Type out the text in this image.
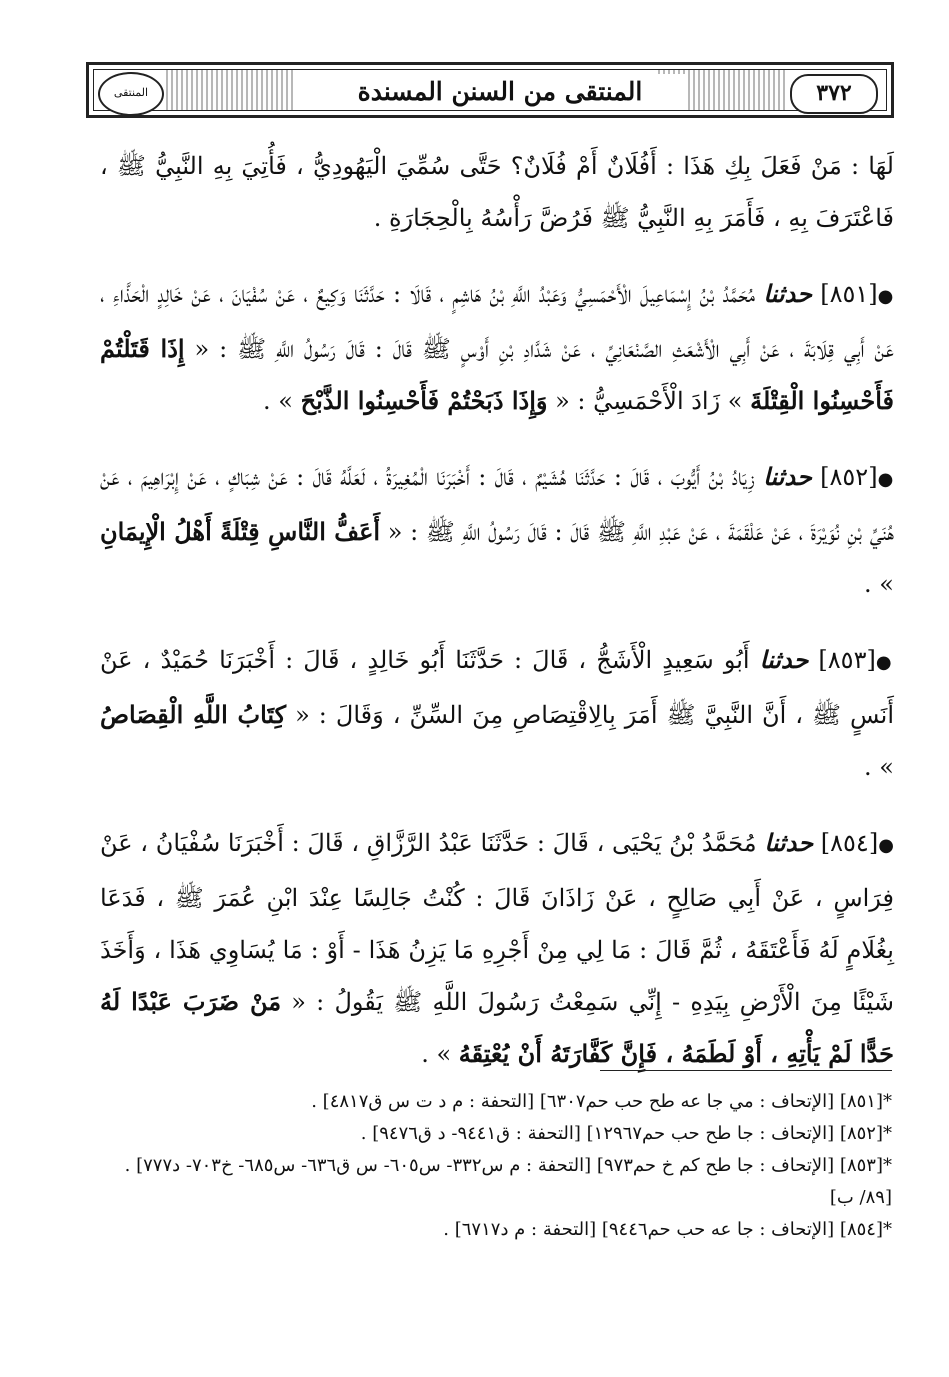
المنتقى	المنتقى من السنن المسندة	٣٧٢

لَهَا : مَنْ فَعَلَ بِكِ هَذَا : أَفُلَانٌ أَمْ فُلَانٌ؟ حَتَّى سُمِّيَ الْيَهُودِيُّ ، فَأُتِيَ بِهِ النَّبِيُّ ﷺ ، فَاعْتَرَفَ بِهِ ، فَأَمَرَ بِهِ النَّبِيُّ ﷺ فَرُضَّ رَأْسُهُ بِالْحِجَارَةِ .

●[٨٥١] حدثنا مُحَمَّدُ بْنُ إِسْمَاعِيلَ الْأَحْمَسِيُّ وَعَبْدُ اللَّهِ بْنُ هَاشِمٍ ، قَالَا : حَدَّثَنَا وَكِيعٌ ، عَنْ سُفْيَانَ ، عَنْ خَالِدٍ الْحَذَّاءِ ، عَنْ أَبِي قِلَابَةَ ، عَنْ أَبِي الْأَشْعَثِ الصَّنْعَانِيِّ ، عَنْ شَدَّادِ بْنِ أَوْسٍ ﷺ قَالَ : قَالَ رَسُولُ اللَّهِ ﷺ : « إِذَا قَتَلْتُمْ فَأَحْسِنُوا الْقِتْلَةَ » زَادَ الْأَحْمَسِيُّ : « وَإِذَا ذَبَحْتُمْ فَأَحْسِنُوا الذَّبْحَ » .

●[٨٥٢] حدثنا زِيَادُ بْنُ أَيُّوبَ ، قَالَ : حَدَّثَنَا هُشَيْمٌ ، قَالَ : أَخْبَرَنَا الْمُغِيرَةُ ، لَعَلَّهُ قَالَ : عَنْ شِبَاكٍ ، عَنْ إِبْرَاهِيمَ ، عَنْ هُنَيِّ بْنِ نُوَيْرَةَ ، عَنْ عَلْقَمَةَ ، عَنْ عَبْدِ اللَّهِ ﷺ قَالَ : قَالَ رَسُولُ اللَّهِ ﷺ : « أَعَفُّ النَّاسِ قِتْلَةً أَهْلُ الْإِيمَانِ » .

●[٨٥٣] حدثنا أَبُو سَعِيدٍ الْأَشَجُّ ، قَالَ : حَدَّثَنَا أَبُو خَالِدٍ ، قَالَ : أَخْبَرَنَا حُمَيْدٌ ، عَنْ أَنَسٍ ﷺ ، أَنَّ النَّبِيَّ ﷺ أَمَرَ بِالِاقْتِصَاصِ مِنَ السِّنِّ ، وَقَالَ : « كِتَابُ اللَّهِ الْقِصَاصُ » .

●[٨٥٤] حدثنا مُحَمَّدُ بْنُ يَحْيَى ، قَالَ : حَدَّثَنَا عَبْدُ الرَّزَّاقِ ، قَالَ : أَخْبَرَنَا سُفْيَانُ ، عَنْ فِرَاسٍ ، عَنْ أَبِي صَالِحٍ ، عَنْ زَاذَانَ قَالَ : كُنْتُ جَالِسًا عِنْدَ ابْنِ عُمَرَ ﷺ ، فَدَعَا بِغُلَامٍ لَهُ فَأَعْتَقَهُ ، ثُمَّ قَالَ : مَا لِي مِنْ أَجْرِهِ مَا يَزِنُ هَذَا - أَوْ : مَا يُسَاوِي هَذَا ، وَأَخَذَ شَيْئًا مِنَ الْأَرْضِ بِيَدِهِ - إِنِّي سَمِعْتُ رَسُولَ اللَّهِ ﷺ يَقُولُ : « مَنْ ضَرَبَ عَبْدًا لَهُ حَدًّا لَمْ يَأْتِهِ ، أَوْ لَطَمَهُ ، فَإِنَّ كَفَّارَتَهُ أَنْ يُعْتِقَهُ » .

*[٨٥١] [الإتحاف : مي جا عه طح حب حم٦٣٠٧] [التحفة : م د ت س ق٤٨١٧] .

*[٨٥٢] [الإتحاف : جا طح حب حم١٢٩٦٧] [التحفة : ق٩٤٤١- د ق٩٤٧٦] .

*[٨٥٣] [الإتحاف : جا طح كم خ حم٩٧٣] [التحفة : م س٣٣٢- س٦٠٥- س ق٦٣٦- س٦٨٥- خ٧٠٣- د٧٧٧] .

[٨٩/ ب]

*[٨٥٤] [الإتحاف : جا عه حب حم٩٤٤٦] [التحفة : م د٦٧١٧] .
